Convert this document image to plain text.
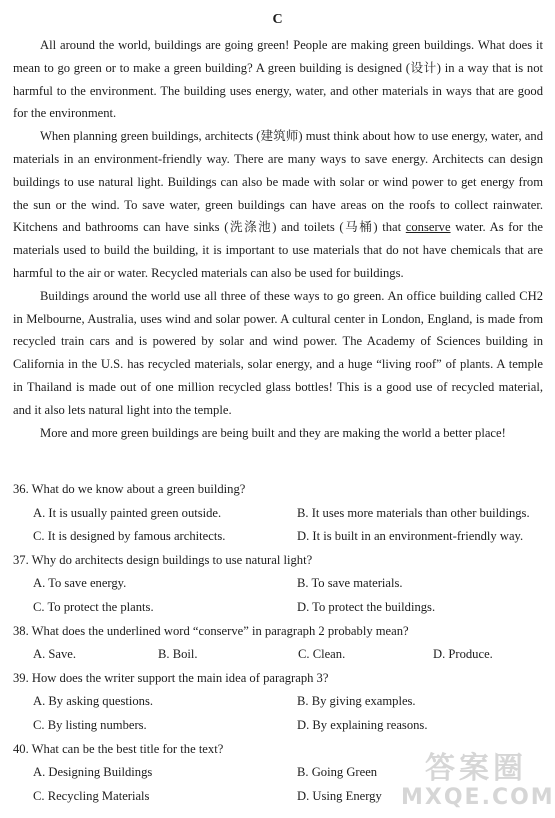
C

All around the world, buildings are going green! People are making green buildings. What does it mean to go green or to make a green building? A green building is designed (设计) in a way that is not harmful to the environment. The building uses energy, water, and other materials in ways that are good for the environment.

When planning green buildings, architects (建筑师) must think about how to use energy, water, and materials in an environment-friendly way. There are many ways to save energy. Architects can design buildings to use natural light. Buildings can also be made with solar or wind power to get energy from the sun or the wind. To save water, green buildings can have areas on the roofs to collect rainwater. Kitchens and bathrooms can have sinks (洗涤池) and toilets (马桶) that conserve water. As for the materials used to build the building, it is important to use materials that do not have chemicals that are harmful to the air or water. Recycled materials can also be used for buildings.

Buildings around the world use all three of these ways to go green. An office building called CH2 in Melbourne, Australia, uses wind and solar power. A cultural center in London, England, is made from recycled train cars and is powered by solar and wind power. The Academy of Sciences building in California in the U.S. has recycled materials, solar energy, and a huge “living roof” of plants. A temple in Thailand is made out of one million recycled glass bottles! This is a good use of recycled material, and it also lets natural light into the temple.

More and more green buildings are being built and they are making the world a better place!

36. What do we know about a green building?
A. It is usually painted green outside.	B. It uses more materials than other buildings.
C. It is designed by famous architects.	D. It is built in an environment-friendly way.
37. Why do architects design buildings to use natural light?
A. To save energy.	B. To save materials.
C. To protect the plants.	D. To protect the buildings.
38. What does the underlined word “conserve” in paragraph 2 probably mean?
A. Save.	B. Boil.	C. Clean.	D. Produce.
39. How does the writer support the main idea of paragraph 3?
A. By asking questions.	B. By giving examples.
C. By listing numbers.	D. By explaining reasons.
40. What can be the best title for the text?
A. Designing Buildings	B. Going Green
C. Recycling Materials	D. Using Energy
答案圈
MXQE.COM
